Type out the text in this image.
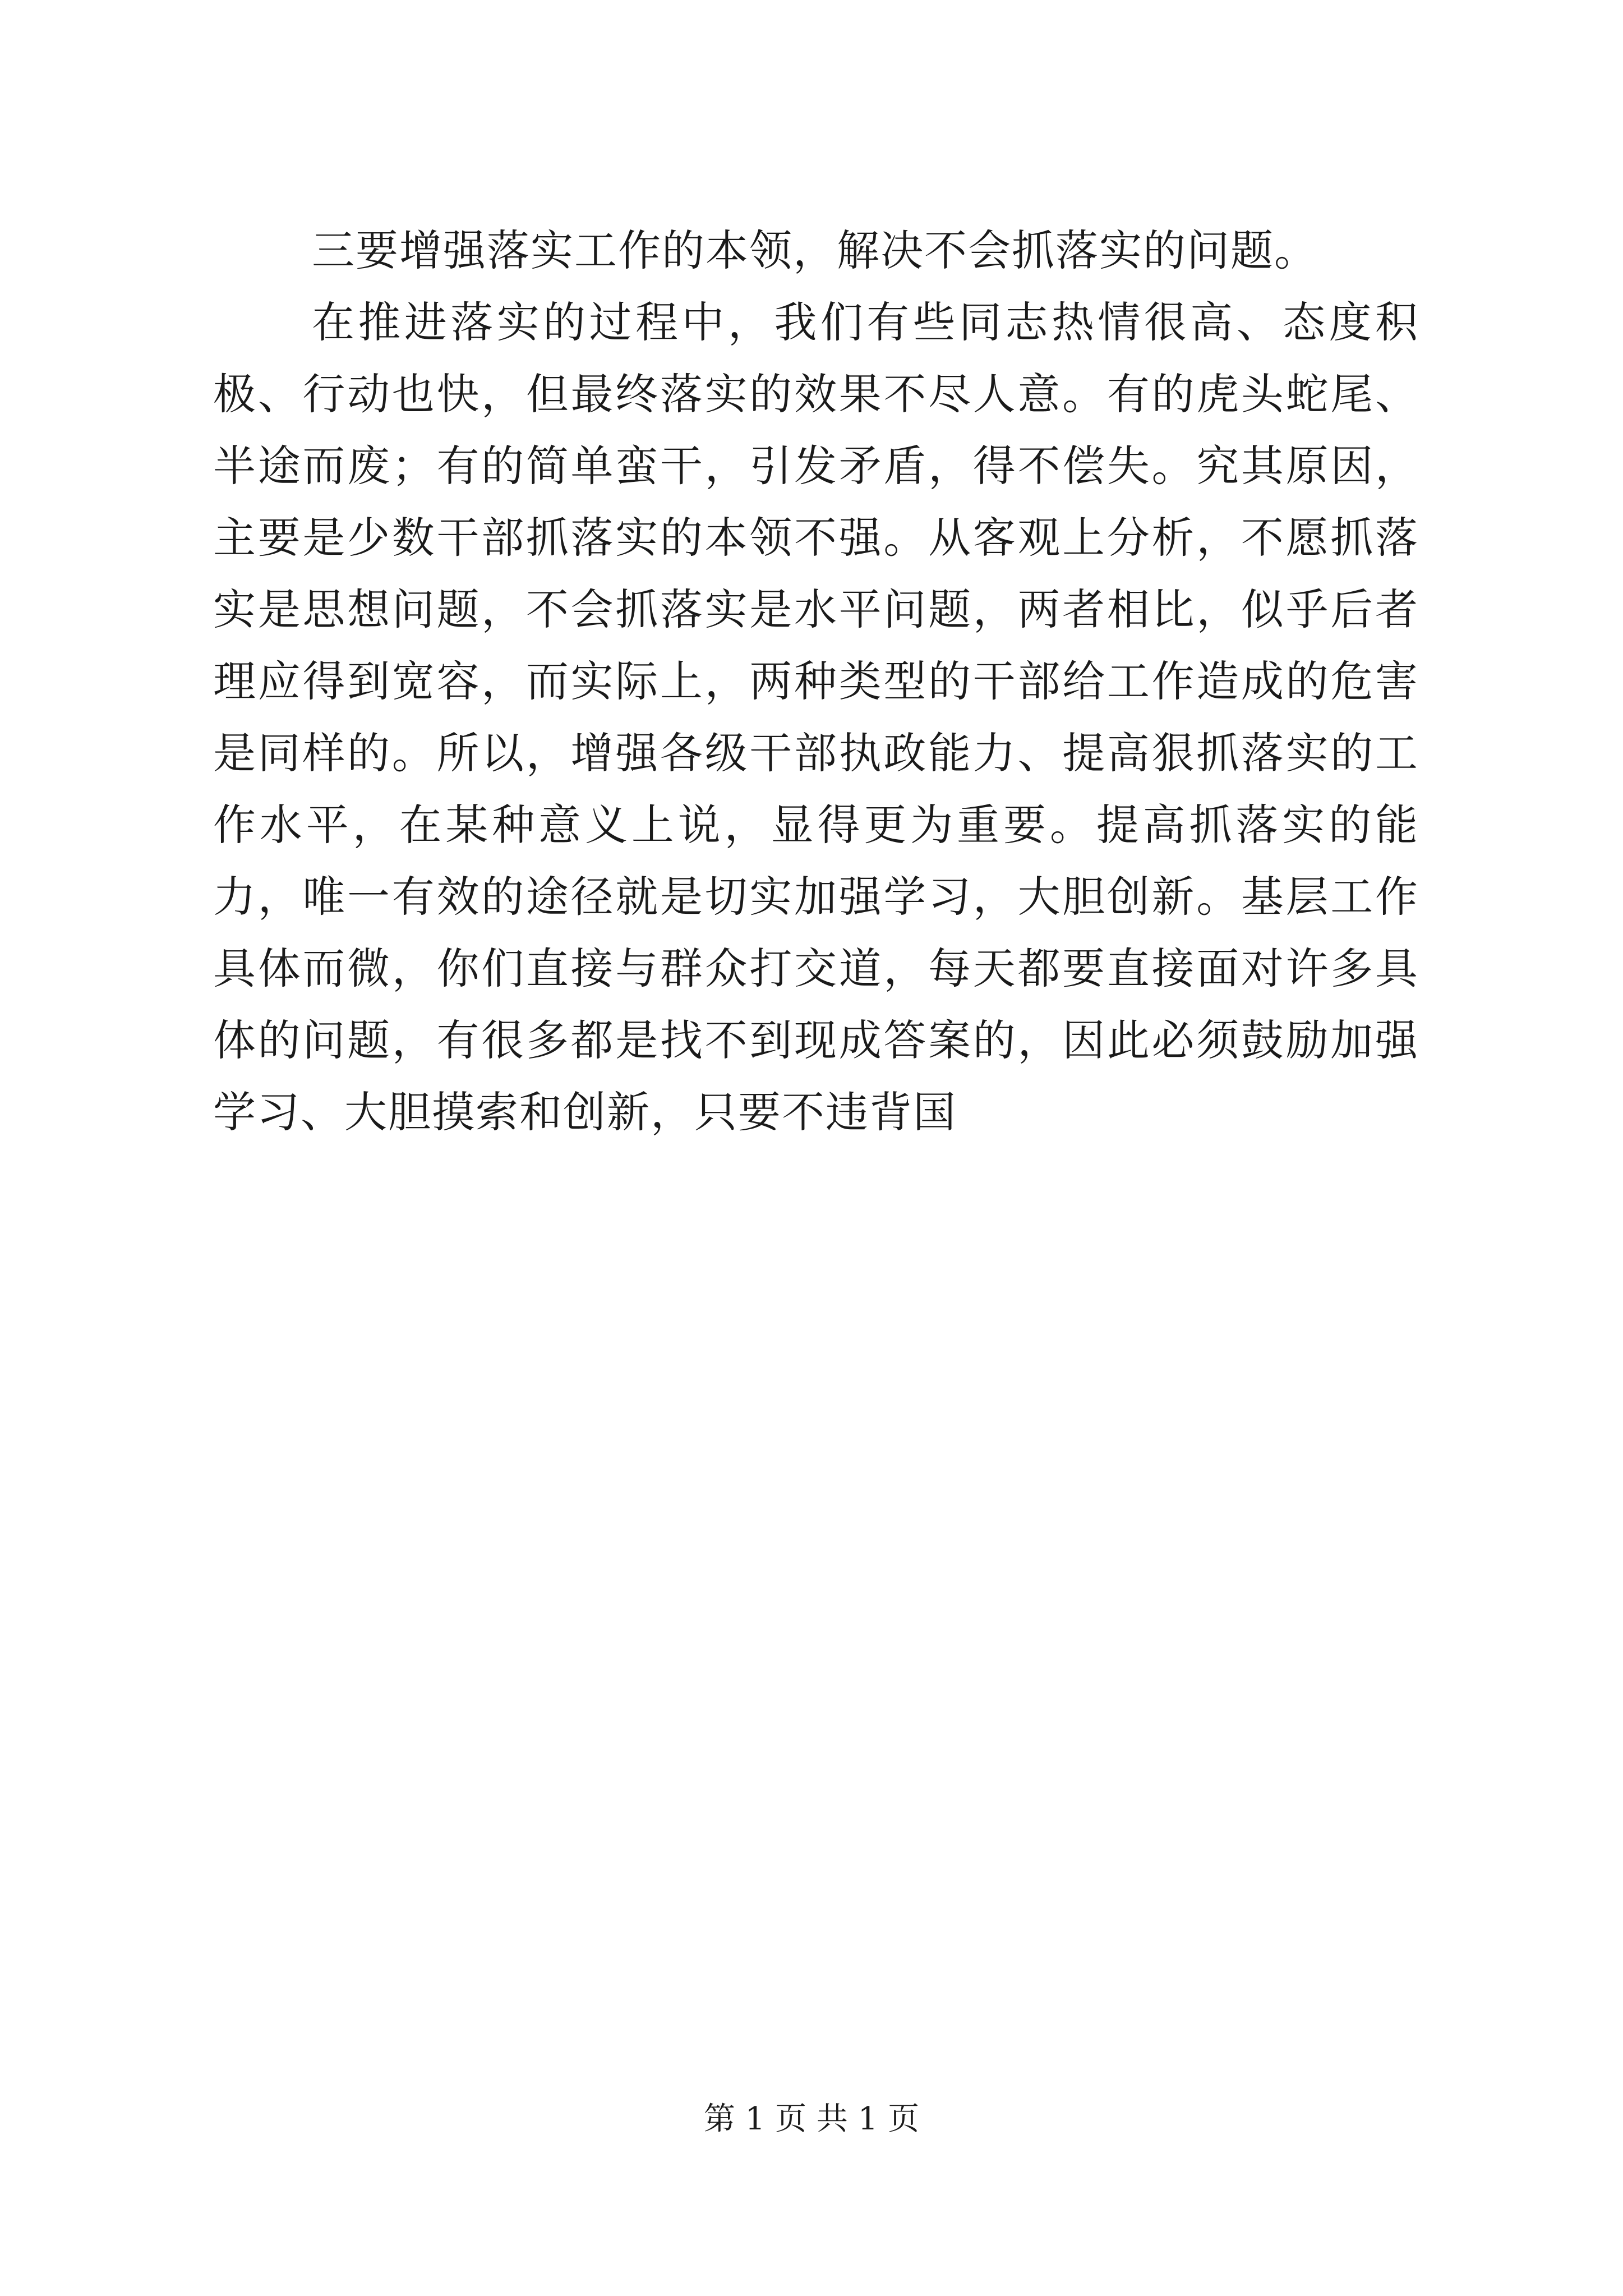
三要增强落实工作的本领，解决不会抓落实的问题。

在推进落实的过程中，我们有些同志热情很高、态度积极、行动也快，但最终落实的效果不尽人意。有的虎头蛇尾、半途而废；有的简单蛮干，引发矛盾，得不偿失。究其原因，主要是少数干部抓落实的本领不强。从客观上分析，不愿抓落实是思想问题，不会抓落实是水平问题，两者相比，似乎后者理应得到宽容，而实际上，两种类型的干部给工作造成的危害是同样的。所以，增强各级干部执政能力、提高狠抓落实的工作水平，在某种意义上说，显得更为重要。提高抓落实的能力，唯一有效的途径就是切实加强学习，大胆创新。基层工作具体而微，你们直接与群众打交道，每天都要直接面对许多具体的问题，有很多都是找不到现成答案的，因此必须鼓励加强学习、大胆摸索和创新，只要不违背国

第 1 页 共 1 页
